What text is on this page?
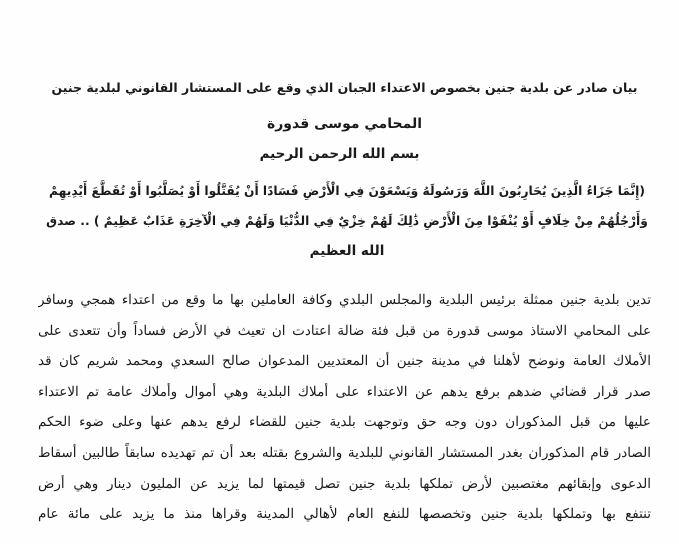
بيان صادر عن بلدية جنين بخصوص الاعتداء الجبان الذي وقع على المستشار القانوني لبلدية جنين
المحامي موسى قدورة
بسم الله الرحمن الرحيم
(إِنَّمَا جَزَاءُ الَّذِينَ يُحَارِبُونَ اللَّهَ وَرَسُولَهُ وَيَسْعَوْنَ فِي الْأَرْضِ فَسَادًا أَنْ يُقَتَّلُوا أَوْ يُصَلَّبُوا أَوْ تُقَطَّعَ أَيْدِيهِمْ
وَأَرْجُلُهُمْ مِنْ خِلَافٍ أَوْ يُنْفَوْا مِنَ الْأَرْضِ ذَٰلِكَ لَهُمْ خِزْيٌ فِي الدُّنْيَا وَلَهُمْ فِي الْآخِرَةِ عَذَابٌ عَظِيمٌ ) .. صدق
الله العظيم
تدين بلدية جنين ممثلة برئيس البلدية والمجلس البلدي وكافة العاملين بها ما وقع من اعتداء همجي وسافر
على المحامي الاستاذ موسى قدورة من قبل فئة ضالة اعتادت ان تعيث في الأرض فساداً وأن تتعدى على
الأملاك العامة ونوضح لأهلنا في مدينة جنين أن المعتديين المدعوان صالح السعدي ومحمد شريم كان قد
صدر قرار قضائي ضدهم برفع يدهم عن الاعتداء على أملاك البلدية وهي أموال وأملاك عامة تم الاعتداء
عليها من قبل المذكوران دون وجه حق وتوجهت بلدية جنين للقضاء لرفع يدهم عنها وعلى ضوء الحكم
الصادر قام المذكوران بغدر المستشار القانوني للبلدية والشروع بقتله بعد أن تم تهديده سابقاً طالبين أسقاط
الدعوى وإبقائهم مغتصبين لأرض تملكها بلدية جنين تصل قيمتها لما يزيد عن المليون دينار وهي أرض
تنتفع بها وتملكها بلدية جنين وتخصصها للنفع العام لأهالي المدينة وقراها منذ ما يزيد على مائة عام
